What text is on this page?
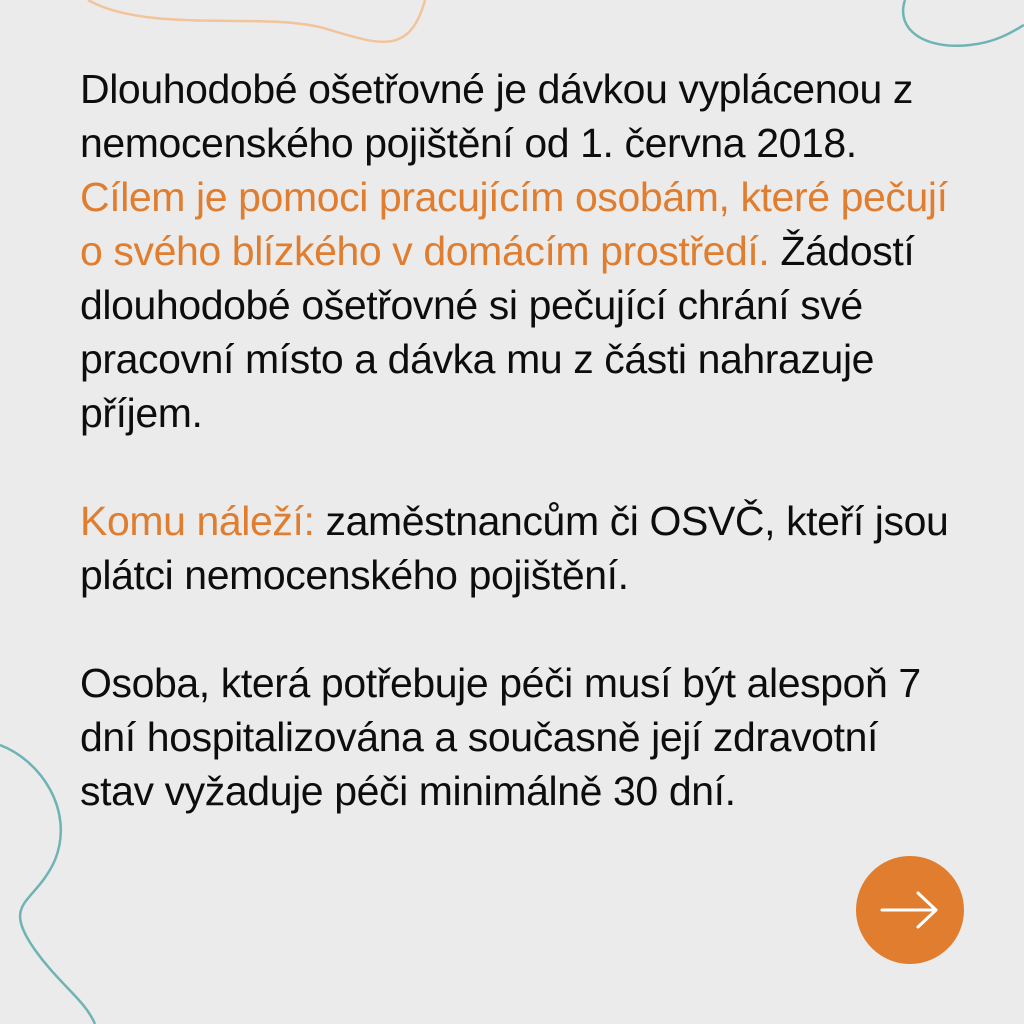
Dlouhodobé ošetřovné je dávkou vyplácenou z nemocenského pojištění od 1. června 2018. Cílem je pomoci pracujícím osobám, které pečují o svého blízkého v domácím prostředí. Žádostí dlouhodobé ošetřovné si pečující chrání své pracovní místo a dávka mu z části nahrazuje příjem.

Komu náleží: zaměstnancům či OSVČ, kteří jsou plátci nemocenského pojištění.

Osoba, která potřebuje péči musí být alespoň 7 dní hospitalizována a současně její zdravotní stav vyžaduje péči minimálně 30 dní.
